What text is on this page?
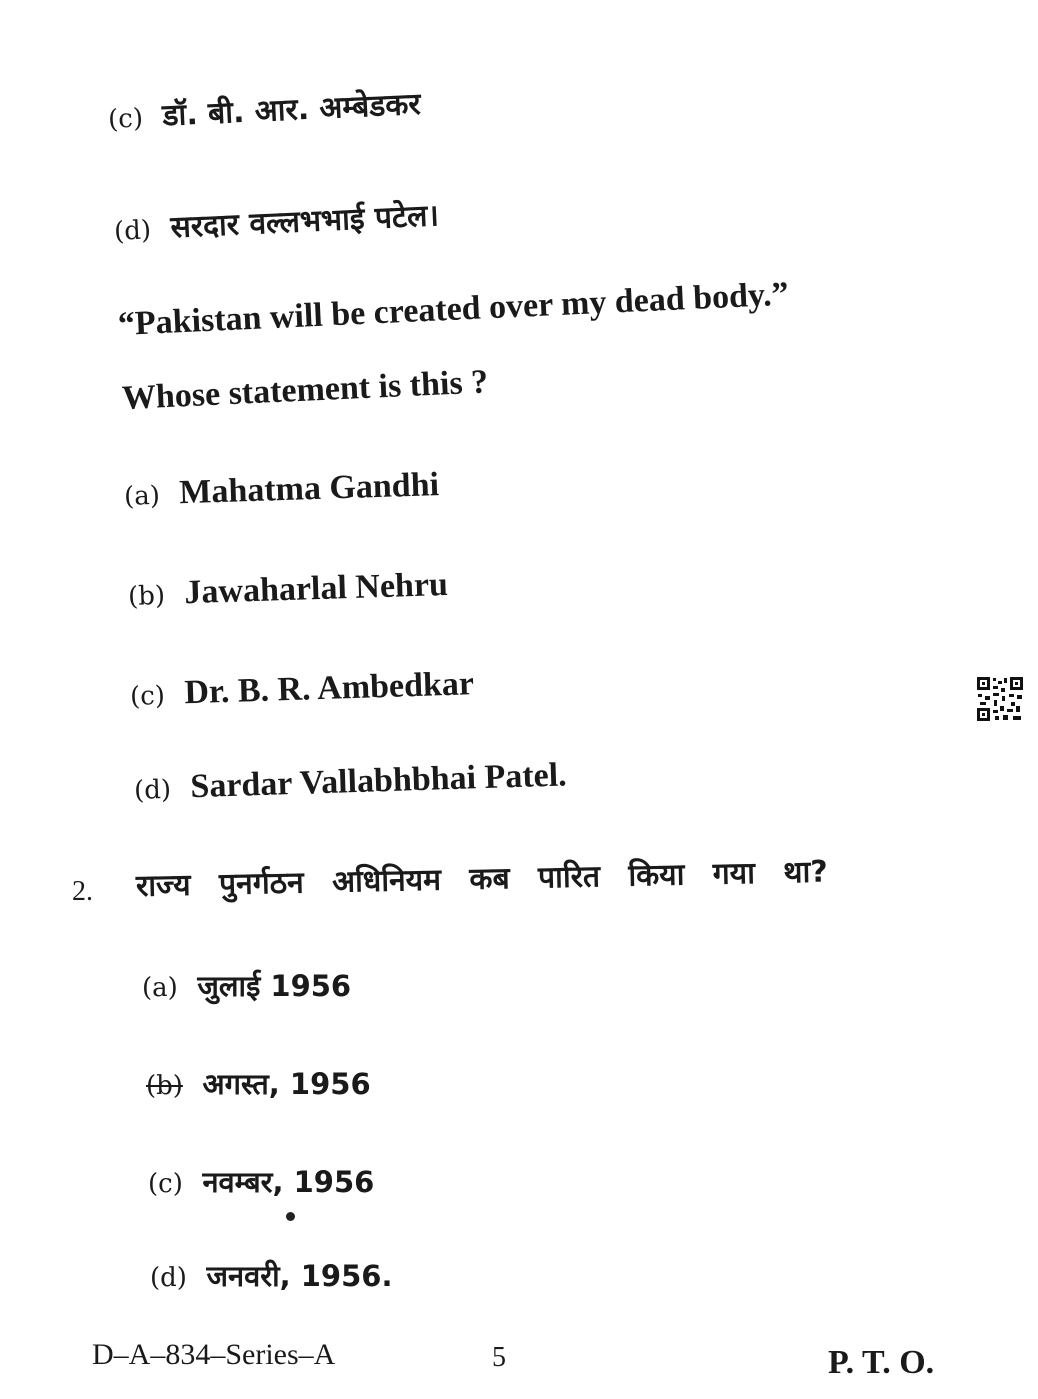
(c) डॉ. बी. आर. अम्बेडकर
(d) सरदार वल्लभभाई पटेल।
“Pakistan will be created over my dead body.”
Whose statement is this ?
(a) Mahatma Gandhi
(b) Jawaharlal Nehru
(c) Dr. B. R. Ambedkar
(d) Sardar Vallabhbhai Patel.
2. राज्य पुनर्गठन अधिनियम कब पारित किया गया था?
(a) जुलाई 1956
(b) अगस्त, 1956
(c) नवम्बर, 1956
(d) जनवरी, 1956.
D–A–834–Series–A	5	P. T. O.
